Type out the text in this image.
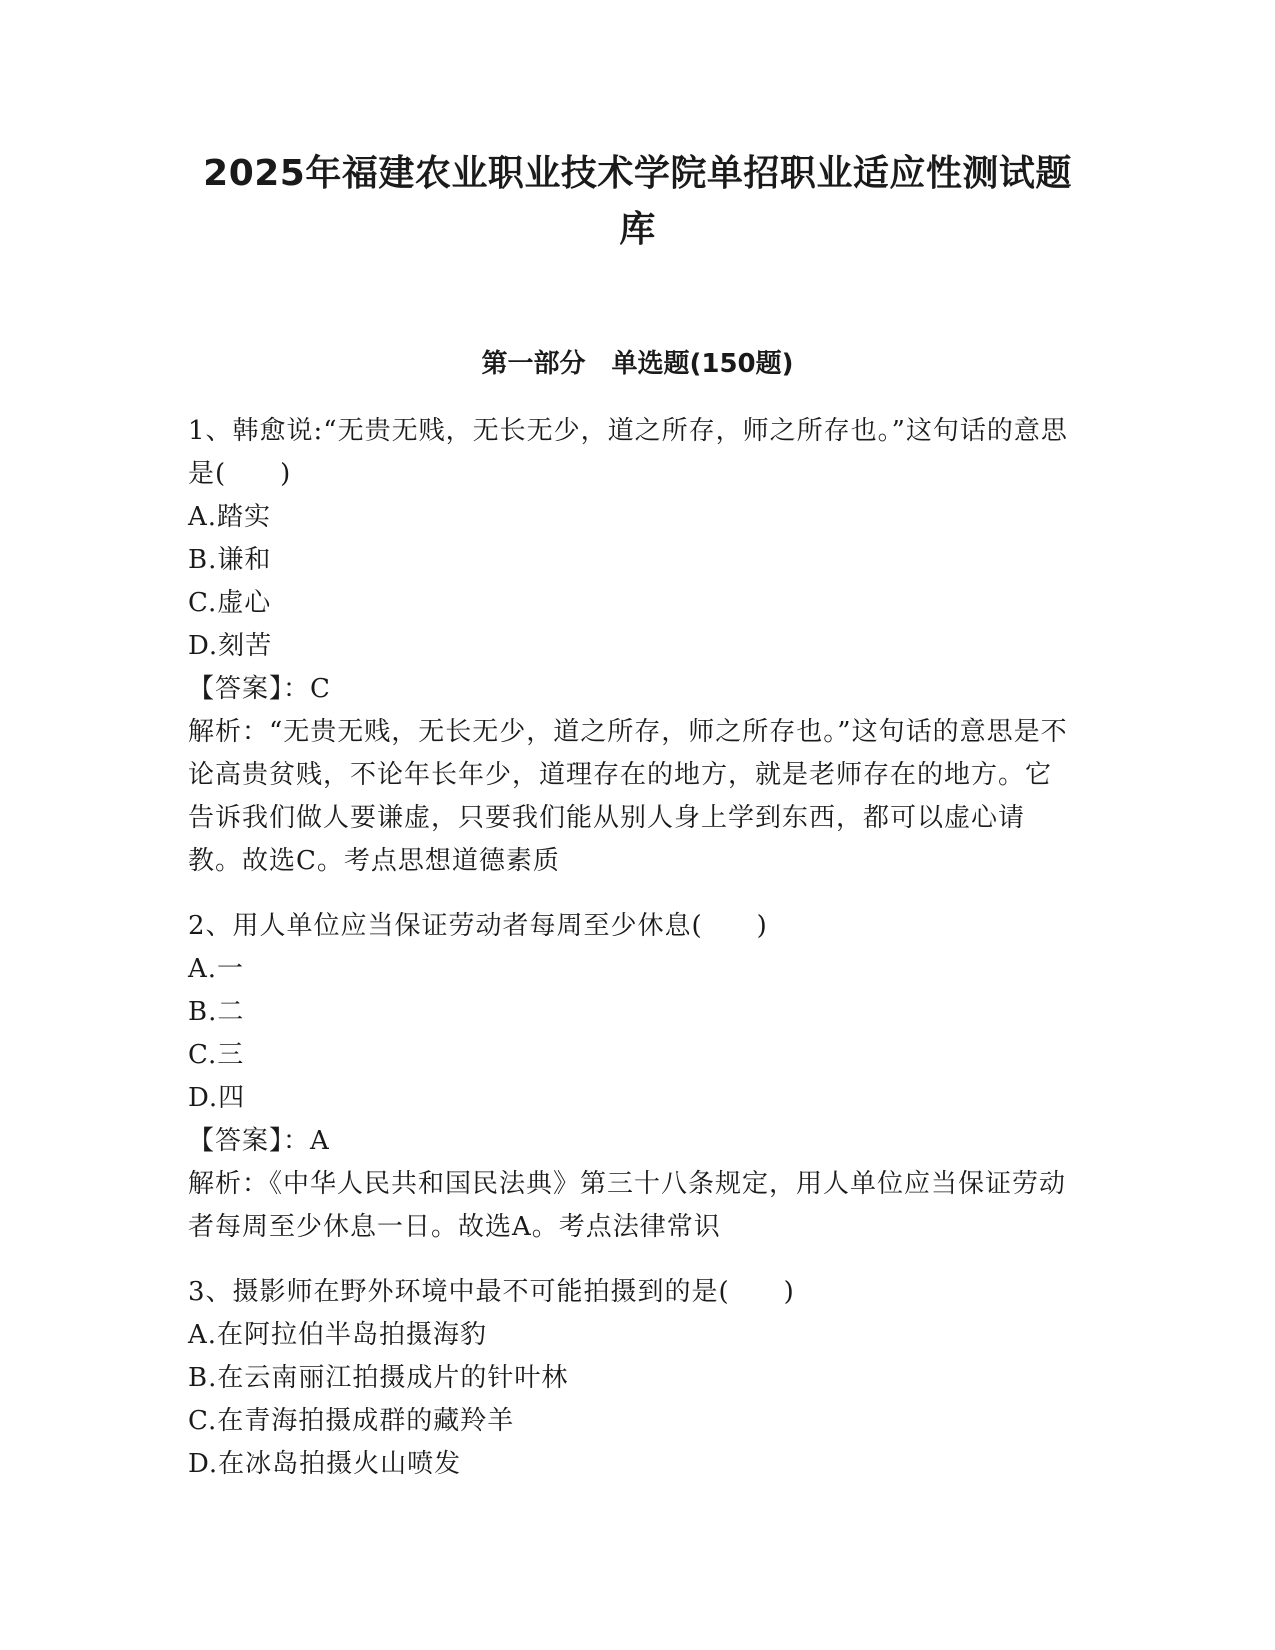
2025年福建农业职业技术学院单招职业适应性测试题
库
第一部分　单选题(150题)

1、韩愈说:“无贵无贱，无长无少，道之所存，师之所存也。”这句话的意思是(　　)

A.踏实

B.谦和

C.虚心

D.刻苦

【答案】：C

解析：“无贵无贱，无长无少，道之所存，师之所存也。”这句话的意思是不论高贵贫贱，不论年长年少，道理存在的地方，就是老师存在的地方。它告诉我们做人要谦虚，只要我们能从别人身上学到东西，都可以虚心请教。故选C。考点思想道德素质

2、用人单位应当保证劳动者每周至少休息(　　)

A.一

B.二

C.三

D.四

【答案】：A

解析：《中华人民共和国民法典》第三十八条规定，用人单位应当保证劳动者每周至少休息一日。故选A。考点法律常识

3、摄影师在野外环境中最不可能拍摄到的是(　　)

A.在阿拉伯半岛拍摄海豹

B.在云南丽江拍摄成片的针叶林

C.在青海拍摄成群的藏羚羊

D.在冰岛拍摄火山喷发
